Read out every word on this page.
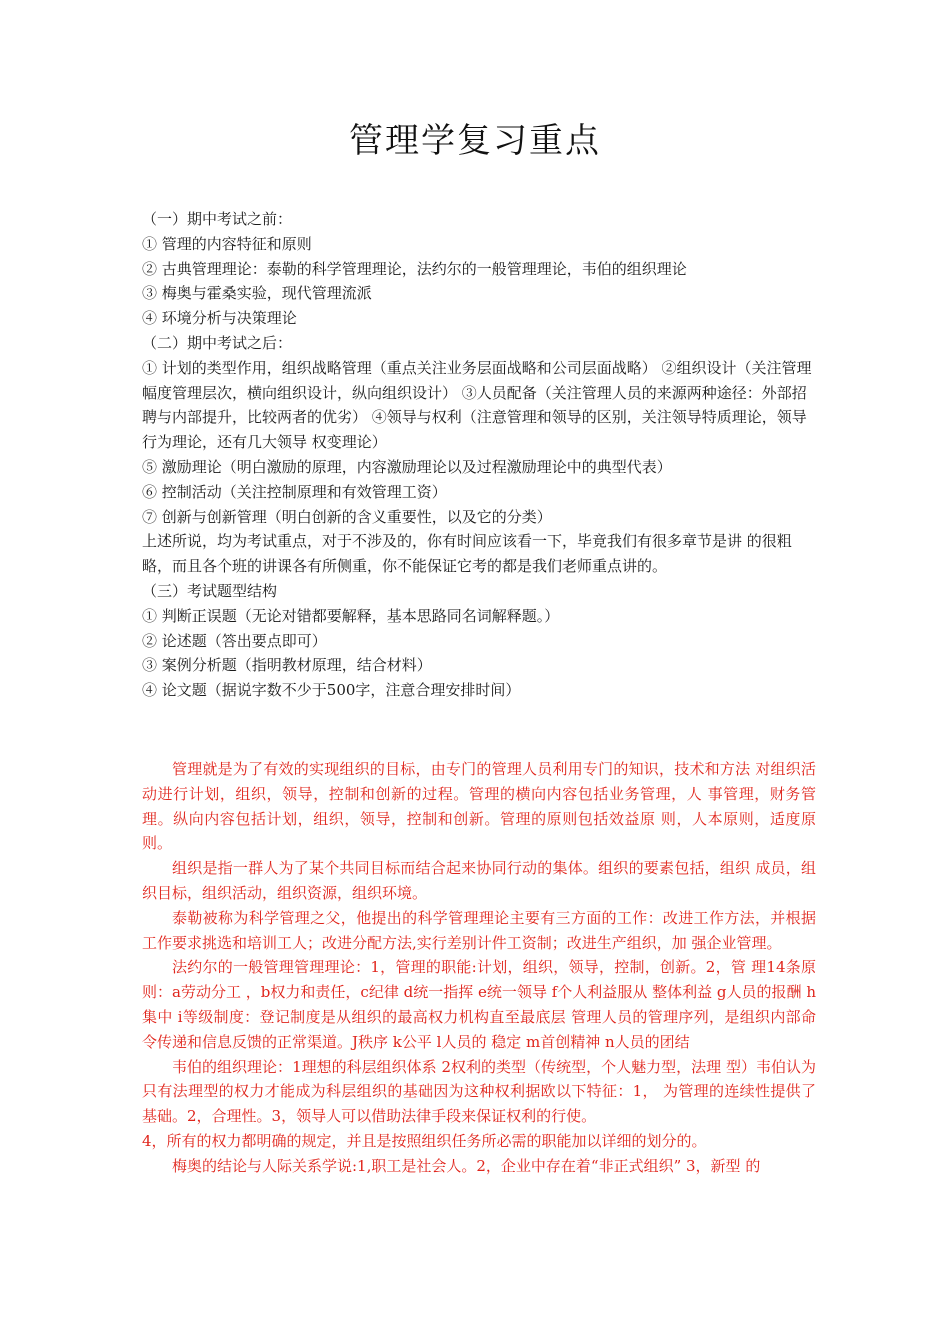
管理学复习重点

（一）期中考试之前：

① 管理的内容特征和原则

② 古典管理理论：泰勒的科学管理理论，法约尔的一般管理理论，韦伯的组织理论

③ 梅奥与霍桑实验，现代管理流派

④ 环境分析与决策理论

（二）期中考试之后：

① 计划的类型作用，组织战略管理（重点关注业务层面战略和公司层面战略） ②组织设计（关注管理幅度管理层次，横向组织设计，纵向组织设计） ③人员配备（关注管理人员的来源两种途径：外部招聘与内部提升，比较两者的优劣） ④领导与权利（注意管理和领导的区别，关注领导特质理论，领导行为理论，还有几大领导 权变理论）

⑤ 激励理论（明白激励的原理，内容激励理论以及过程激励理论中的典型代表）

⑥ 控制活动（关注控制原理和有效管理工资）

⑦ 创新与创新管理（明白创新的含义重要性，以及它的分类）

上述所说，均为考试重点，对于不涉及的，你有时间应该看一下，毕竟我们有很多章节是讲 的很粗略，而且各个班的讲课各有所侧重，你不能保证它考的都是我们老师重点讲的。

（三）考试题型结构

① 判断正误题（无论对错都要解释，基本思路同名词解释题。）

② 论述题（答出要点即可）

③ 案例分析题（指明教材原理，结合材料）

④ 论文题（据说字数不少于500字，注意合理安排时间）

管理就是为了有效的实现组织的目标，由专门的管理人员利用专门的知识，技术和方法 对组织活动进行计划，组织，领导，控制和创新的过程。管理的横向内容包括业务管理，人 事管理，财务管理。纵向内容包括计划，组织，领导，控制和创新。管理的原则包括效益原 则，人本原则，适度原则。

组织是指一群人为了某个共同目标而结合起来协同行动的集体。组织的要素包括，组织 成员，组织目标，组织活动，组织资源，组织环境。

泰勒被称为科学管理之父，他提出的科学管理理论主要有三方面的工作：改进工作方法，并根据工作要求挑选和培训工人；改进分配方法,实行差别计件工资制；改进生产组织，加 强企业管理。

法约尔的一般管理管理理论：1，管理的职能:计划，组织，领导，控制，创新。2，管 理14条原则：a劳动分工 ，b权力和责任，c纪律 d统一指挥 e统一领导 f个人利益服从 整体利益 g人员的报酬 h集中 i等级制度：登记制度是从组织的最高权力机构直至最底层 管理人员的管理序列，是组织内部命令传递和信息反馈的正常渠道。J秩序 k公平 l人员的 稳定 m首创精神 n人员的团结

韦伯的组织理论：1理想的科层组织体系 2权利的类型（传统型，个人魅力型，法理 型）韦伯认为只有法理型的权力才能成为科层组织的基础因为这种权利据欧以下特征：1， 为管理的连续性提供了基础。2，合理性。3，领导人可以借助法律手段来保证权利的行使。

4，所有的权力都明确的规定，并且是按照组织任务所必需的职能加以详细的划分的。

梅奥的结论与人际关系学说:1,职工是社会人。2，企业中存在着“非正式组织” 3，新型 的
